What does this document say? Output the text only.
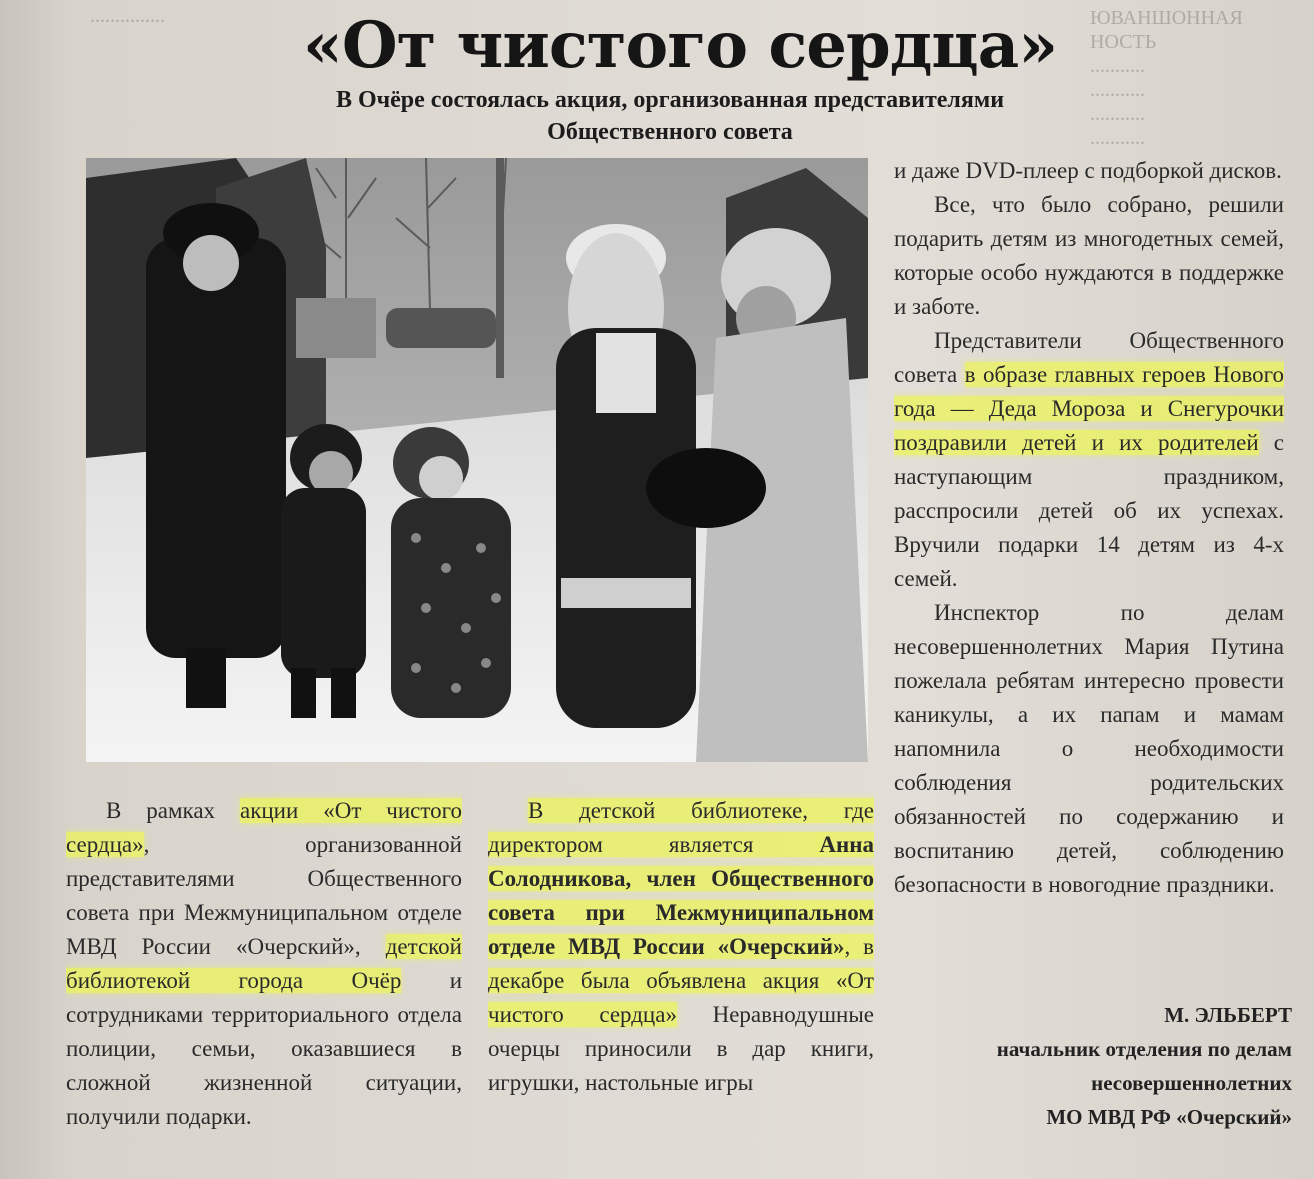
ЮВАНШОННАЯ
НОСТЬ
...........
...........
...........
...........
............... «От чистого сердца»
В Очёре состоялась акция, организованная представителями
Общественного совета

В рамках акции «От чистого сердца», организованной представителями Общественного совета при Межмуниципальном отделе МВД России «Очерский», детской библиотекой города Очёр и сотрудниками территориального отдела полиции, семьи, оказавшиеся в сложной жизненной ситуации, получили подарки.

В детской библиотеке, где директором является Анна Солодникова, член Общественного совета при Межмуниципальном отделе МВД России «Очерский», в декабре была объявлена акция «От чистого сердца» Неравнодушные очерцы приносили в дар книги, игрушки, настольные игры

и даже DVD-плеер с подборкой дисков.

Все, что было собрано, решили подарить детям из многодетных семей, которые особо нуждаются в поддержке и заботе.

Представители Общественного совета в образе главных героев Нового года — Деда Мороза и Снегурочки поздравили детей и их родителей с наступающим праздником, расспросили детей об их успехах. Вручили подарки 14 детям из 4-х семей.

Инспектор по делам несовершеннолетних Мария Путина пожелала ребятам интересно провести каникулы, а их папам и мамам напомнила о необходимости соблюдения родительских обязанностей по содержанию и воспитанию детей, соблюдению безопасности в новогодние праздники.

М. ЭЛЬБЕРТ
начальник отделения по делам
несовершеннолетних
МО МВД РФ «Очерский»
